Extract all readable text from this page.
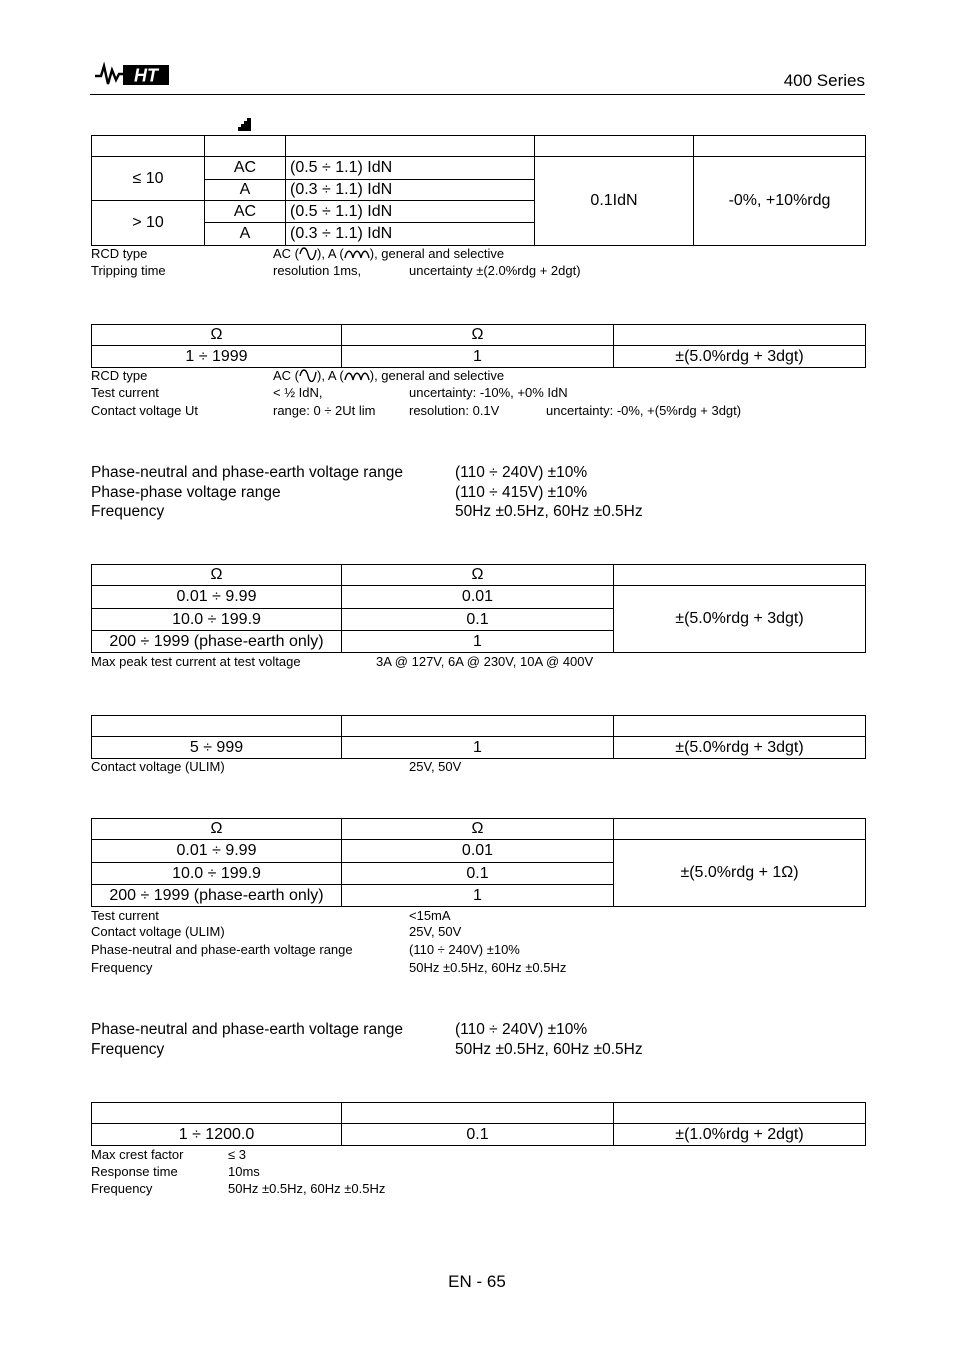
HT	400 Series

≤ 10	AC	(0.5 ÷ 1.1) IdN	0.1IdN	-0%, +10%rdg
	A	(0.3 ÷ 1.1) IdN		
> 10	AC	(0.5 ÷ 1.1) IdN		
	A	(0.3 ÷ 1.1) IdN		
RCD type	AC ( ), A ( ), general and selective
Tripping time	resolution 1ms,	uncertainty ±(2.0%rdg + 2dgt)
Ω	Ω	
1 ÷ 1999	1	±(5.0%rdg + 3dgt)
RCD type	AC ( ), A ( ), general and selective
Test current	< ½ IdN,	uncertainty: -10%, +0% IdN
Contact voltage Ut	range: 0 ÷ 2Ut lim	resolution: 0.1V	uncertainty: -0%, +(5%rdg + 3dgt)
Phase-neutral and phase-earth voltage range	(110 ÷ 240V) ±10%
Phase-phase voltage range	(110 ÷ 415V) ±10%
Frequency	50Hz ±0.5Hz, 60Hz ±0.5Hz
Ω	Ω	
0.01 ÷ 9.99	0.01	±(5.0%rdg + 3dgt)
10.0 ÷ 199.9	0.1	
200 ÷ 1999 (phase-earth only)	1	
Max peak test current at test voltage	3A @ 127V, 6A @ 230V, 10A @ 400V

5 ÷ 999	1	±(5.0%rdg + 3dgt)
Contact voltage (ULIM)	25V, 50V
Ω	Ω	
0.01 ÷ 9.99	0.01	±(5.0%rdg + 1Ω)
10.0 ÷ 199.9	0.1	
200 ÷ 1999 (phase-earth only)	1	
Test current	<15mA
Contact voltage (ULIM)	25V, 50V
Phase-neutral and phase-earth voltage range	(110 ÷ 240V) ±10%
Frequency	50Hz ±0.5Hz, 60Hz ±0.5Hz
Phase-neutral and phase-earth voltage range	(110 ÷ 240V) ±10%
Frequency	50Hz ±0.5Hz, 60Hz ±0.5Hz

1 ÷ 1200.0	0.1	±(1.0%rdg + 2dgt)
Max crest factor	≤ 3
Response time	10ms
Frequency	50Hz ±0.5Hz, 60Hz ±0.5Hz
EN - 65
